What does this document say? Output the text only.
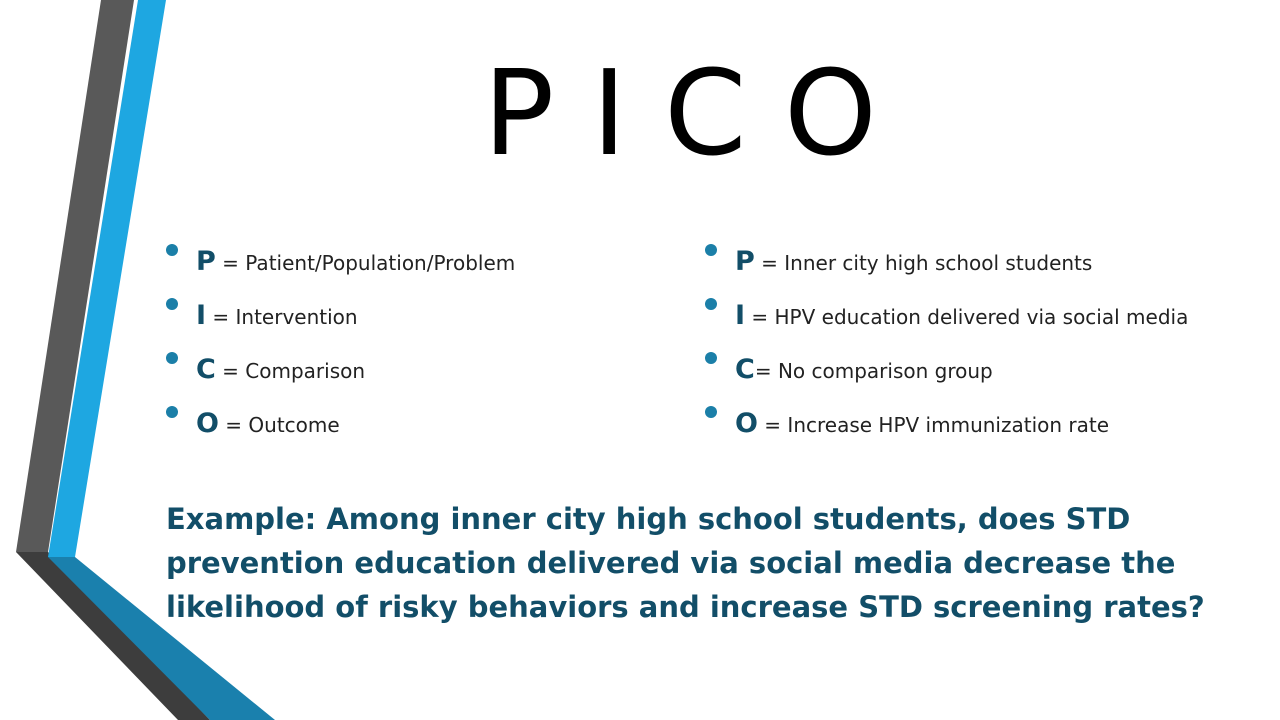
P I C O
P = Patient/Population/Problem
I = Intervention
C = Comparison
O = Outcome
P = Inner city high school students
I = HPV education delivered via social media
C= No comparison group
O = Increase HPV immunization rate

Example: Among inner city high school students, does STD
prevention education delivered via social media decrease the
likelihood of risky behaviors and increase STD screening rates?
